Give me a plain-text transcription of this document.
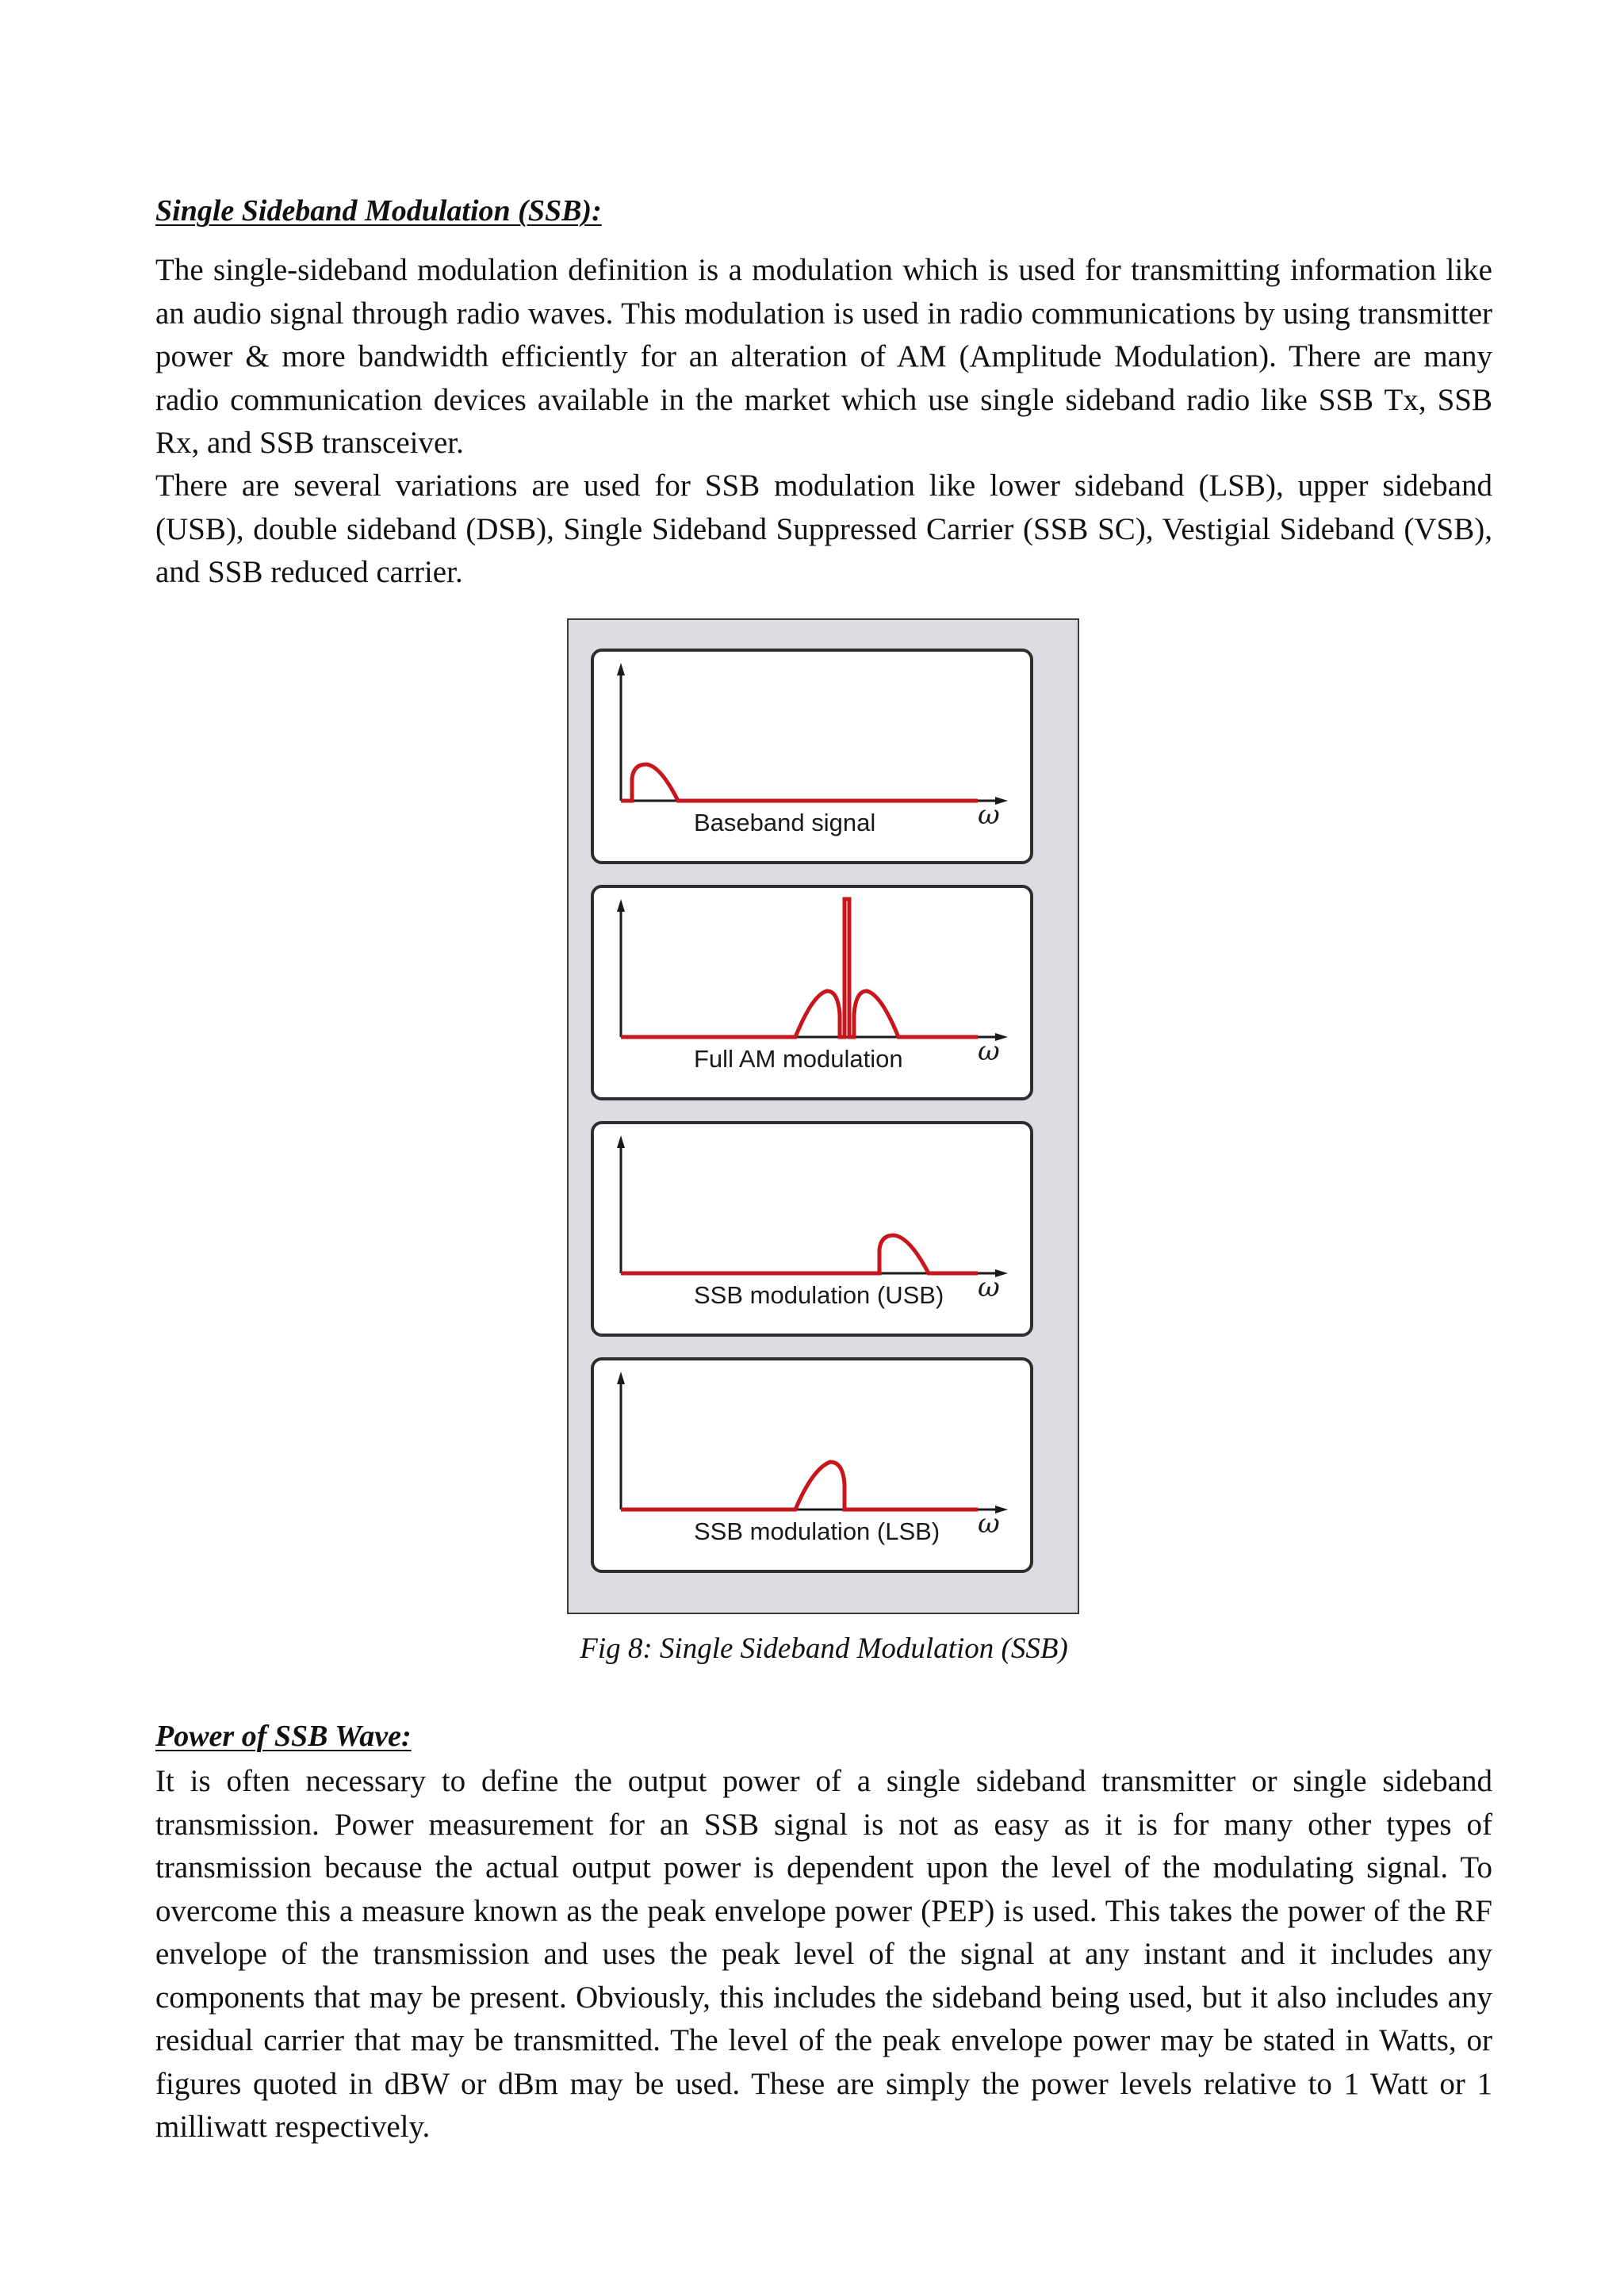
Single Sideband Modulation (SSB):

The single-sideband modulation definition is a modulation which is used for transmitting information like an audio signal through radio waves. This modulation is used in radio communications by using transmitter power & more bandwidth efficiently for an alteration of AM (Amplitude Modulation). There are many radio communication devices available in the market which use single sideband radio like SSB Tx, SSB Rx, and SSB transceiver.

There are several variations are used for SSB modulation like lower sideband (LSB), upper sideband (USB), double sideband (DSB), Single Sideband Suppressed Carrier (SSB SC), Vestigial Sideband (VSB), and SSB reduced carrier.

Baseband signal	ω
Full AM modulation	ω
SSB modulation (USB) ω
SSB modulation (LSB) ω
Fig 8: Single Sideband Modulation (SSB)
Power of SSB Wave:

It is often necessary to define the output power of a single sideband transmitter or single sideband transmission. Power measurement for an SSB signal is not as easy as it is for many other types of transmission because the actual output power is dependent upon the level of the modulating signal. To overcome this a measure known as the peak envelope power (PEP) is used. This takes the power of the RF envelope of the transmission and uses the peak level of the signal at any instant and it includes any components that may be present. Obviously, this includes the sideband being used, but it also includes any residual carrier that may be transmitted. The level of the peak envelope power may be stated in Watts, or figures quoted in dBW or dBm may be used. These are simply the power levels relative to 1 Watt or 1 milliwatt respectively.
